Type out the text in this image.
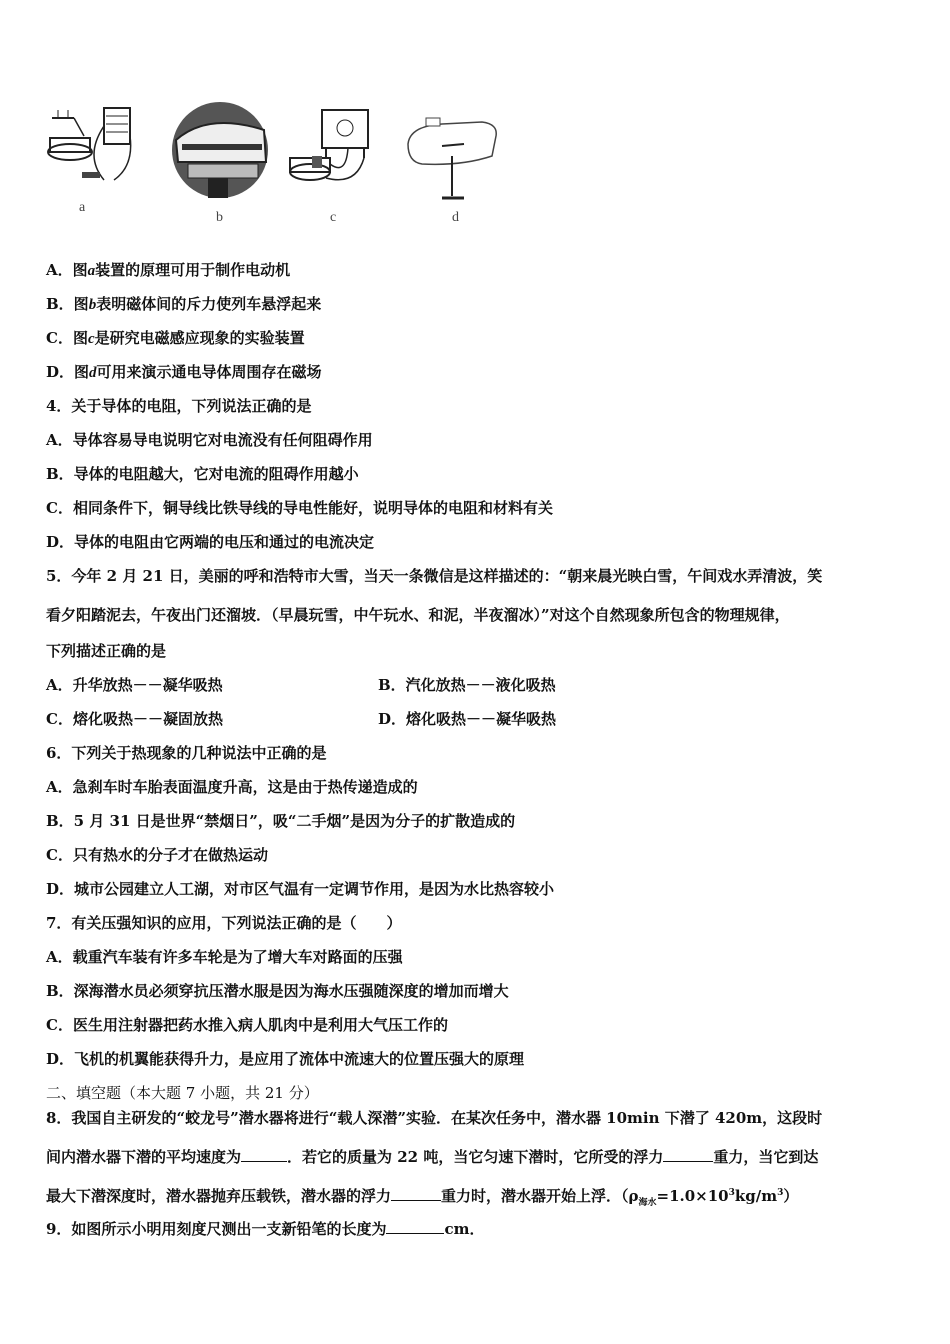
a
b	c	d
A．图a装置的原理可用于制作电动机
B．图b表明磁体间的斥力使列车悬浮起来
C．图c是研究电磁感应现象的实验装置
D．图d可用来演示通电导体周围存在磁场
4．关于导体的电阻，下列说法正确的是
A．导体容易导电说明它对电流没有任何阻碍作用
B．导体的电阻越大，它对电流的阻碍作用越小
C．相同条件下，铜导线比铁导线的导电性能好，说明导体的电阻和材料有关
D．导体的电阻由它两端的电压和通过的电流决定
5．今年 2 月 21 日，美丽的呼和浩特市大雪，当天一条微信是这样描述的：“朝来晨光映白雪，午间戏水弄清波，笑
看夕阳踏泥去，午夜出门还溜坡．（早晨玩雪，中午玩水、和泥，半夜溜冰）”对这个自然现象所包含的物理规律，
下列描述正确的是
A．升华放热－－凝华吸热	B．汽化放热－－液化吸热
C．熔化吸热－－凝固放热	D．熔化吸热－－凝华吸热
6．下列关于热现象的几种说法中正确的是
A．急刹车时车胎表面温度升高，这是由于热传递造成的
B．5 月 31 日是世界“禁烟日”，吸“二手烟”是因为分子的扩散造成的
C．只有热水的分子才在做热运动
D．城市公园建立人工湖，对市区气温有一定调节作用，是因为水比热容较小
7．有关压强知识的应用，下列说法正确的是（　　）
A．载重汽车装有许多车轮是为了增大车对路面的压强
B．深海潜水员必须穿抗压潜水服是因为海水压强随深度的增加而增大
C．医生用注射器把药水推入病人肌肉中是利用大气压工作的
D．飞机的机翼能获得升力，是应用了流体中流速大的位置压强大的原理
二、填空题（本大题 7 小题，共 21 分）
8．我国自主研发的“蛟龙号”潜水器将进行“载人深潜”实验．在某次任务中，潜水器 10min 下潜了 420m，这段时
间内潜水器下潜的平均速度为	．若它的质量为 22 吨，当它匀速下潜时，它所受的浮力	重力，当它到达
最大下潜深度时，潜水器抛弃压载铁，潜水器的浮力	重力时，潜水器开始上浮．$(\rho_{海水}=1.0\times 10^3kg/m^3)$
9．如图所示小明用刻度尺测出一支新铅笔的长度为	cm．
